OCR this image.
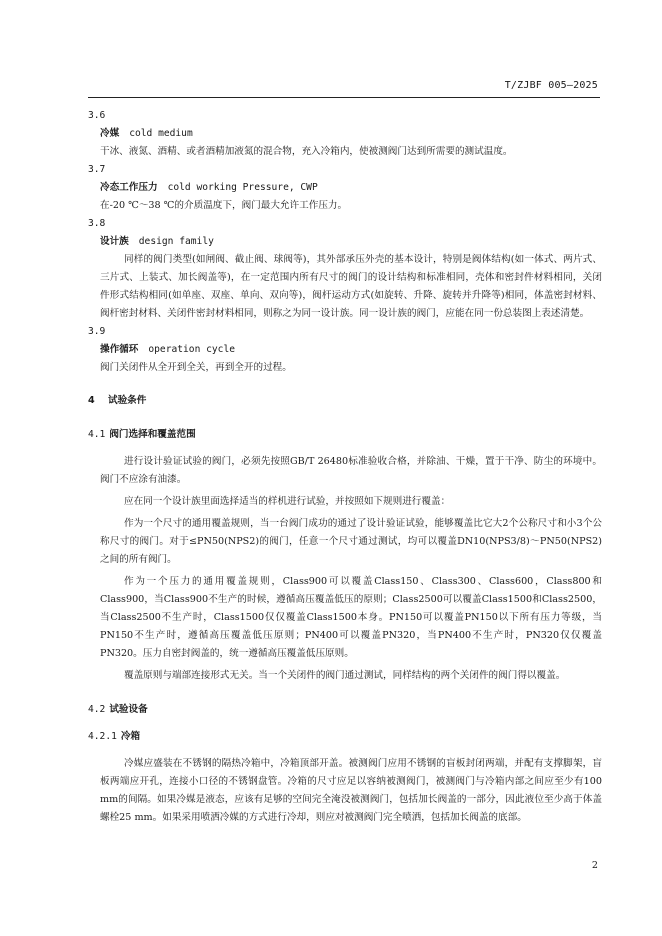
T/ZJBF 005—2025
3.6
冷媒 cold medium
干冰、液氮、酒精、或者酒精加液氮的混合物，充入冷箱内，使被测阀门达到所需要的测试温度。
3.7
冷态工作压力 cold working Pressure, CWP
在-20 ℃～38 ℃的介质温度下，阀门最大允许工作压力。
3.8
设计族 design family
同样的阀门类型(如闸阀、截止阀、球阀等)，其外部承压外壳的基本设计，特别是阀体结构(如一体式、两片式、三片式、上装式、加长阀盖等)，在一定范围内所有尺寸的阀门的设计结构和标准相同，壳体和密封件材料相同，关闭件形式结构相同(如单座、双座、单向、双向等)，阀杆运动方式(如旋转、升降、旋转并升降等)相同，体盖密封材料、阀杆密封材料、关闭件密封材料相同，则称之为同一设计族。同一设计族的阀门，应能在同一份总装图上表述清楚。
3.9
操作循环 operation cycle
阀门关闭件从全开到全关，再到全开的过程。
4 试验条件
4.1 阀门选择和覆盖范围
进行设计验证试验的阀门，必须先按照GB/T 26480标准验收合格，并除油、干燥，置于干净、防尘的环境中。阀门不应涂有油漆。
应在同一个设计族里面选择适当的样机进行试验，并按照如下规则进行覆盖：
作为一个尺寸的通用覆盖规则，当一台阀门成功的通过了设计验证试验，能够覆盖比它大2个公称尺寸和小3个公称尺寸的阀门。对于≤PN50(NPS2)的阀门，任意一个尺寸通过测试，均可以覆盖DN10(NPS3/8)～PN50(NPS2)之间的所有阀门。
作为一个压力的通用覆盖规则，Class900可以覆盖Class150、Class300、Class600，Class800和Class900，当Class900不生产的时候，遵循高压覆盖低压的原则；Class2500可以覆盖Class1500和Class2500，当Class2500不生产时，Class1500仅仅覆盖Class1500本身。PN150可以覆盖PN150以下所有压力等级，当PN150不生产时，遵循高压覆盖低压原则；PN400可以覆盖PN320，当PN400不生产时，PN320仅仅覆盖PN320。压力自密封阀盖的，统一遵循高压覆盖低压原则。
覆盖原则与端部连接形式无关。当一个关闭件的阀门通过测试，同样结构的两个关闭件的阀门得以覆盖。
4.2 试验设备
4.2.1 冷箱
冷媒应盛装在不锈钢的隔热冷箱中，冷箱顶部开盖。被测阀门应用不锈钢的盲板封闭两端，并配有支撑脚架，盲板两端应开孔，连接小口径的不锈钢盘管。冷箱的尺寸应足以容纳被测阀门，被测阀门与冷箱内部之间应至少有100 mm的间隔。如果冷媒是液态，应该有足够的空间完全淹没被测阀门，包括加长阀盖的一部分，因此液位至少高于体盖螺栓25 mm。如果采用喷洒冷媒的方式进行冷却，则应对被测阀门完全喷洒，包括加长阀盖的底部。
2
